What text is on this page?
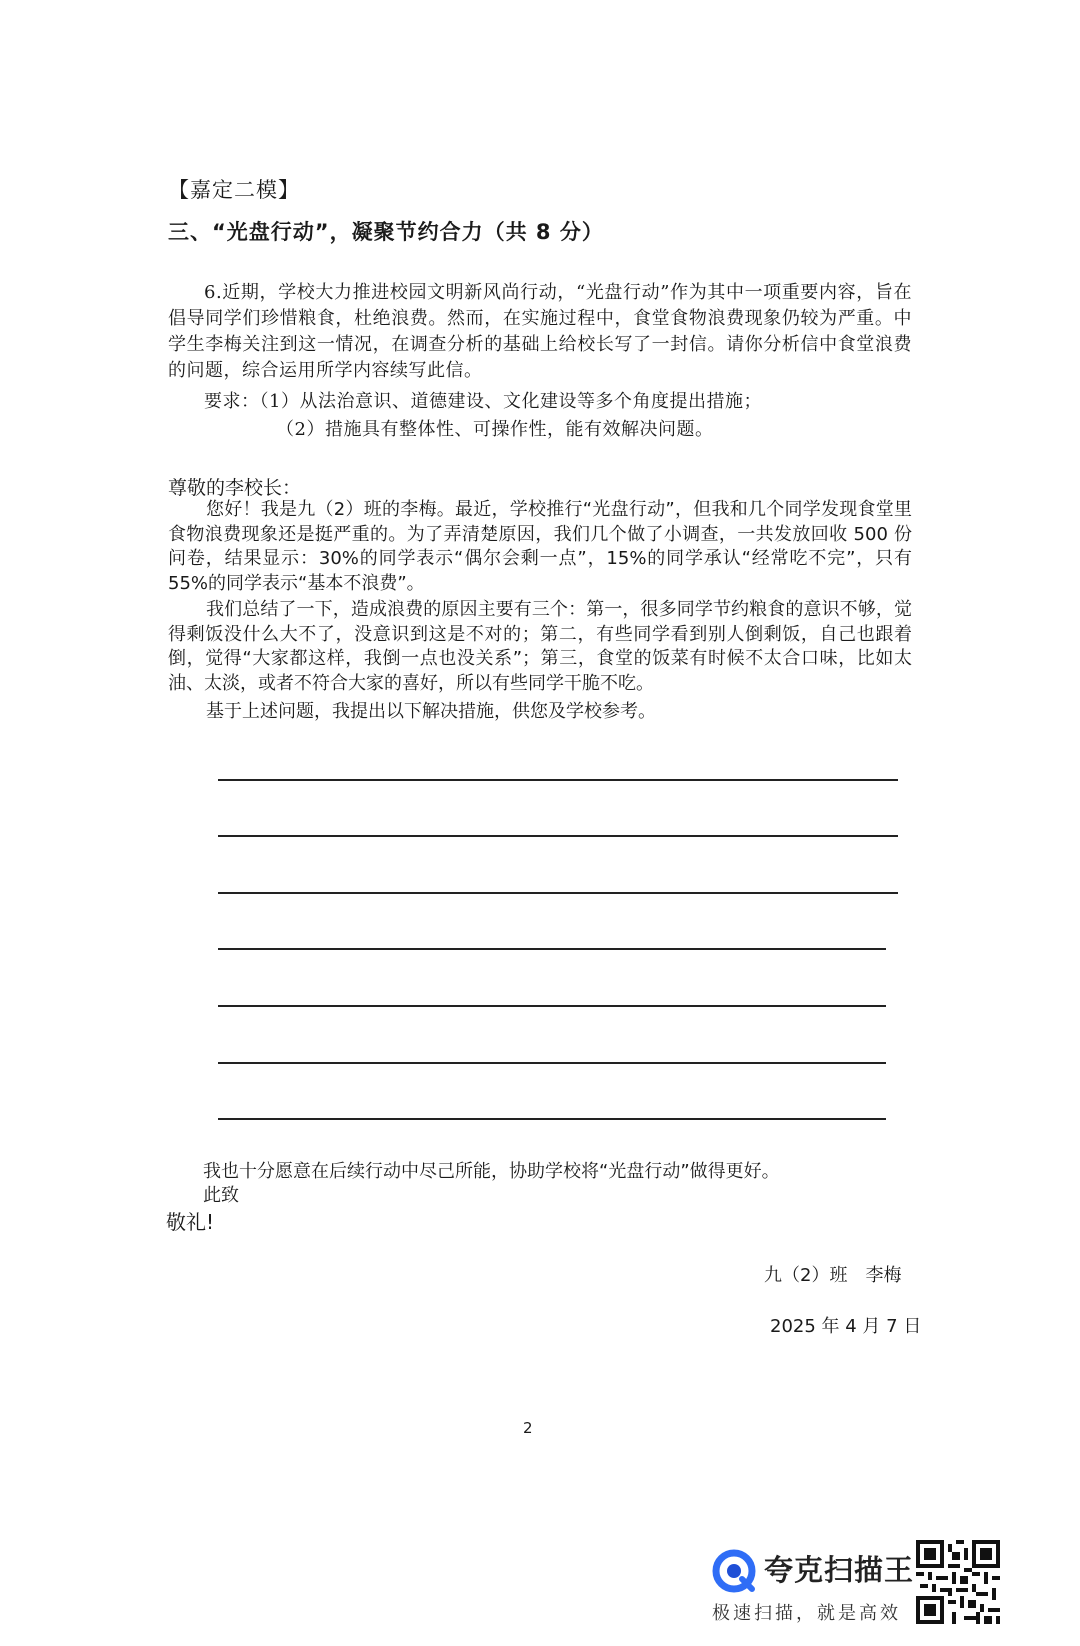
【嘉定二模】
三、“光盘行动”，凝聚节约合力（共 8 分）

6.近期，学校大力推进校园文明新风尚行动，“光盘行动”作为其中一项重要内容，旨在倡导同学们珍惜粮食，杜绝浪费。然而，在实施过程中，食堂食物浪费现象仍较为严重。中学生李梅关注到这一情况，在调查分析的基础上给校长写了一封信。请你分析信中食堂浪费的问题，综合运用所学内容续写此信。

要求：（1）从法治意识、道德建设、文化建设等多个角度提出措施；
（2）措施具有整体性、可操作性，能有效解决问题。
尊敬的李校长：

您好！我是九（2）班的李梅。最近，学校推行“光盘行动”，但我和几个同学发现食堂里食物浪费现象还是挺严重的。为了弄清楚原因，我们几个做了小调查，一共发放回收 500 份问卷，结果显示：30%的同学表示“偶尔会剩一点”，15%的同学承认“经常吃不完”，只有 55%的同学表示“基本不浪费”。

我们总结了一下，造成浪费的原因主要有三个：第一，很多同学节约粮食的意识不够，觉得剩饭没什么大不了，没意识到这是不对的；第二，有些同学看到别人倒剩饭，自己也跟着倒，觉得“大家都这样，我倒一点也没关系”；第三，食堂的饭菜有时候不太合口味，比如太油、太淡，或者不符合大家的喜好，所以有些同学干脆不吃。

基于上述问题，我提出以下解决措施，供您及学校参考。

我也十分愿意在后续行动中尽己所能，协助学校将“光盘行动”做得更好。
此致
敬礼!
九（2）班　李梅
2025 年 4 月 7 日
2
夸克扫描王
极速扫描，就是高效
